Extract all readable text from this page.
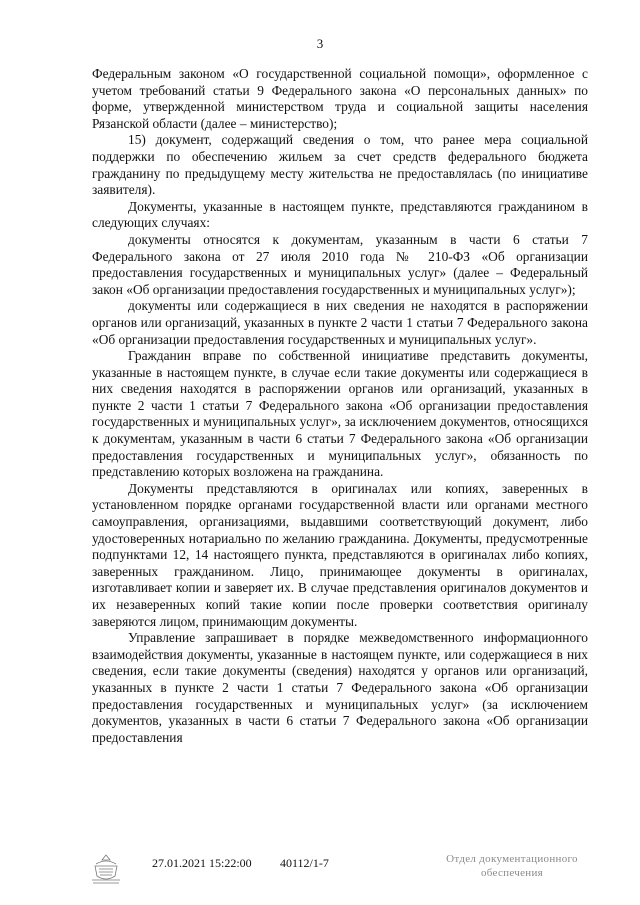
3

Федеральным законом «О государственной социальной помощи», оформленное с учетом требований статьи 9 Федерального закона «О персональных данных» по форме, утвержденной министерством труда и социальной защиты населения Рязанской области (далее – министерство);

15) документ, содержащий сведения о том, что ранее мера социальной поддержки по обеспечению жильем за счет средств федерального бюджета гражданину по предыдущему месту жительства не предоставлялась (по инициативе заявителя).

Документы, указанные в настоящем пункте, представляются гражданином в следующих случаях:

документы относятся к документам, указанным в части 6 статьи 7 Федерального закона от 27 июля 2010 года № 210-ФЗ «Об организации предоставления государственных и муниципальных услуг» (далее – Федеральный закон «Об организации предоставления государственных и муниципальных услуг»);

документы или содержащиеся в них сведения не находятся в распоряжении органов или организаций, указанных в пункте 2 части 1 статьи 7 Федерального закона «Об организации предоставления государственных и муниципальных услуг».

Гражданин вправе по собственной инициативе представить документы, указанные в настоящем пункте, в случае если такие документы или содержащиеся в них сведения находятся в распоряжении органов или организаций, указанных в пункте 2 части 1 статьи 7 Федерального закона «Об организации предоставления государственных и муниципальных услуг», за исключением документов, относящихся к документам, указанным в части 6 статьи 7 Федерального закона «Об организации предоставления государственных и муниципальных услуг», обязанность по представлению которых возложена на гражданина.

Документы представляются в оригиналах или копиях, заверенных в установленном порядке органами государственной власти или органами местного самоуправления, организациями, выдавшими соответствующий документ, либо удостоверенных нотариально по желанию гражданина. Документы, предусмотренные подпунктами 12, 14 настоящего пункта, представляются в оригиналах либо копиях, заверенных гражданином. Лицо, принимающее документы в оригиналах, изготавливает копии и заверяет их. В случае представления оригиналов документов и их незаверенных копий такие копии после проверки соответствия оригиналу заверяются лицом, принимающим документы.

Управление запрашивает в порядке межведомственного информационного взаимодействия документы, указанные в настоящем пункте, или содержащиеся в них сведения, если такие документы (сведения) находятся у органов или организаций, указанных в пункте 2 части 1 статьи 7 Федерального закона «Об организации предоставления государственных и муниципальных услуг» (за исключением документов, указанных в части 6 статьи 7 Федерального закона «Об организации предоставления

27.01.2021 15:22:00 40112/1-7	Отдел документационного
обеспечения
